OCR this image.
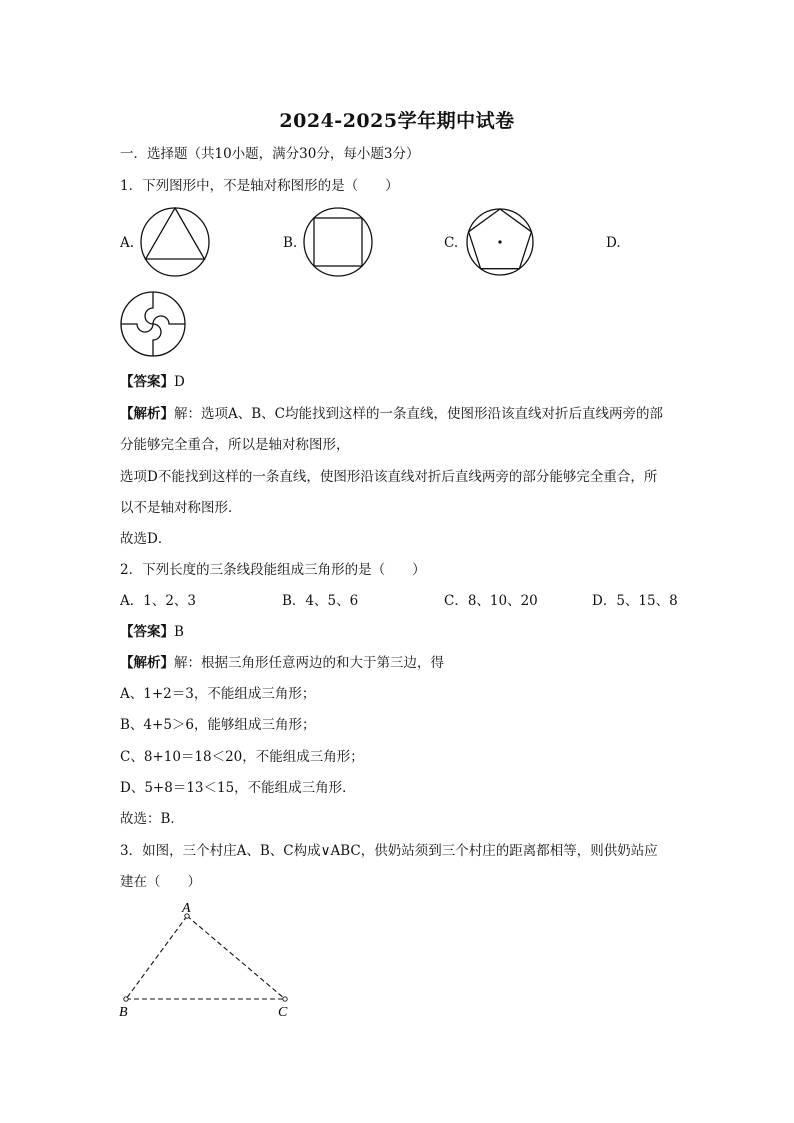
2024-2025学年期中试卷
一．选择题（共10小题，满分30分，每小题3分）
1．下列图形中，不是轴对称图形的是（　　）
A.	B.	C.	D.
【答案】D
【解析】解：选项A、B、C均能找到这样的一条直线，使图形沿该直线对折后直线两旁的部
分能够完全重合，所以是轴对称图形，
选项D不能找到这样的一条直线，使图形沿该直线对折后直线两旁的部分能够完全重合，所
以不是轴对称图形．
故选D．
2．下列长度的三条线段能组成三角形的是（　　）
A．1、2、3	B．4、5、6	C．8、10、20	D．5、15、8
【答案】B
【解析】解：根据三角形任意两边的和大于第三边，得
A、1+2＝3，不能组成三角形；
B、4+5＞6，能够组成三角形；
C、8+10＝18＜20，不能组成三角形；
D、5+8＝13＜15，不能组成三角形．
故选：B．
3．如图，三个村庄A、B、C构成∨ABC，供奶站须到三个村庄的距离都相等，则供奶站应
建在（　　）
A
B	C
